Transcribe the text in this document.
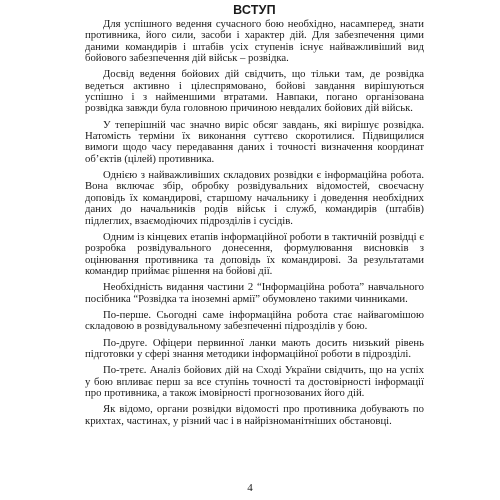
ВСТУП

Для успішного ведення сучасного бою необхідно, насамперед, знати противника, його сили, засоби і характер дій. Для забезпечення цими даними командирів і штабів усіх ступенів існує найважливіший вид бойового забезпечення дій військ – розвідка.

Досвід ведення бойових дій свідчить, що тільки там, де розвідка ведеться активно і цілеспрямовано, бойові завдання вирішуються успішно і з найменшими втратами. Навпаки, погано організована розвідка завжди була головною причиною невдалих бойових дій військ.

У теперішній час значно виріс обсяг завдань, які вирішує розвідка. Натомість терміни їх виконання суттєво скоротилися. Підвищилися вимоги щодо часу передавання даних і точності визначення координат об’єктів (цілей) противника.

Однією з найважливіших складових розвідки є інформаційна робота. Вона включає збір, обробку розвідувальних відомостей, своєчасну доповідь їх командирові, старшому начальнику і доведення необхідних даних до начальників родів військ і служб, командирів (штабів) підлеглих, взаємодіючих підрозділів і сусідів.

Одним із кінцевих етапів інформаційної роботи в тактичній розвідці є розробка розвідувального донесення, формулювання висновків з оцінювання противника та доповідь їх командирові. За результатами командир приймає рішення на бойові дії.

Необхідність видання частини 2 “Інформаційна робота” навчального посібника “Розвідка та іноземні армії” обумовлено такими чинниками.

По-перше. Сьогодні саме інформаційна робота стає найвагомішою складовою в розвідувальному забезпеченні підрозділів у бою.

По-друге. Офіцери первинної ланки мають досить низький рівень підготовки у сфері знання методики інформаційної роботи в підрозділі.

По-третє. Аналіз бойових дій на Сході України свідчить, що на успіх у бою впливає перш за все ступінь точності та достовірності інформації про противника, а також імовірності прогнозованих його дій.

Як відомо, органи розвідки відомості про противника добувають по крихтах, частинах, у різний час і в найрізноманітніших обстановці.

4
